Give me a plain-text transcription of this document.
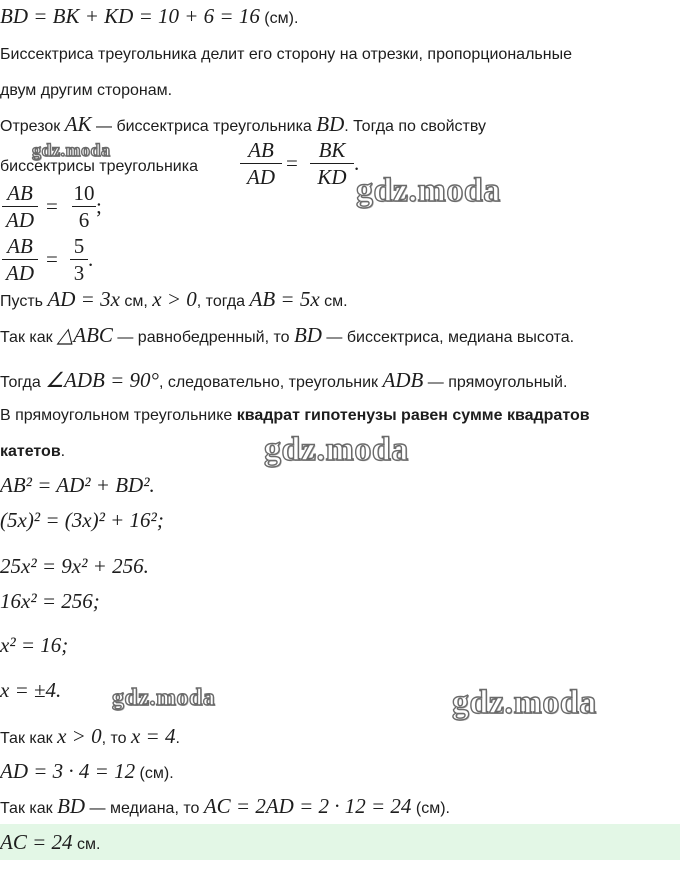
BD = BK + KD = 10 + 6 = 16 (см).
Биссектриса треугольника делит его сторону на отрезки, пропорциональные
двум другим сторонам.
Отрезок AK — биссектриса треугольника BD. Тогда по свойству
биссектрисы треугольника
AB
AD
=
BK
KD
.
AB
AD
=
10
6
;
AB
AD
=
5
3
.
Пусть AD = 3x см, x > 0, тогда AB = 5x см.
Так как △ABC — равнобедренный, то BD — биссектриса, медиана высота.
Тогда ∠ADB = 90°, следовательно, треугольник ADB — прямоугольный.
В прямоугольном треугольнике квадрат гипотенузы равен сумме квадратов
катетов.
AB² = AD² + BD².
(5x)² = (3x)² + 16²;
25x² = 9x² + 256.
16x² = 256;
x² = 16;
x = ±4.
Так как x > 0, то x = 4.
AD = 3 · 4 = 12 (см).
Так как BD — медиана, то AC = 2AD = 2 · 12 = 24 (см).
AC = 24 см.
gdz.moda
gdz.moda
gdz.moda
gdz.moda	gdz.moda
